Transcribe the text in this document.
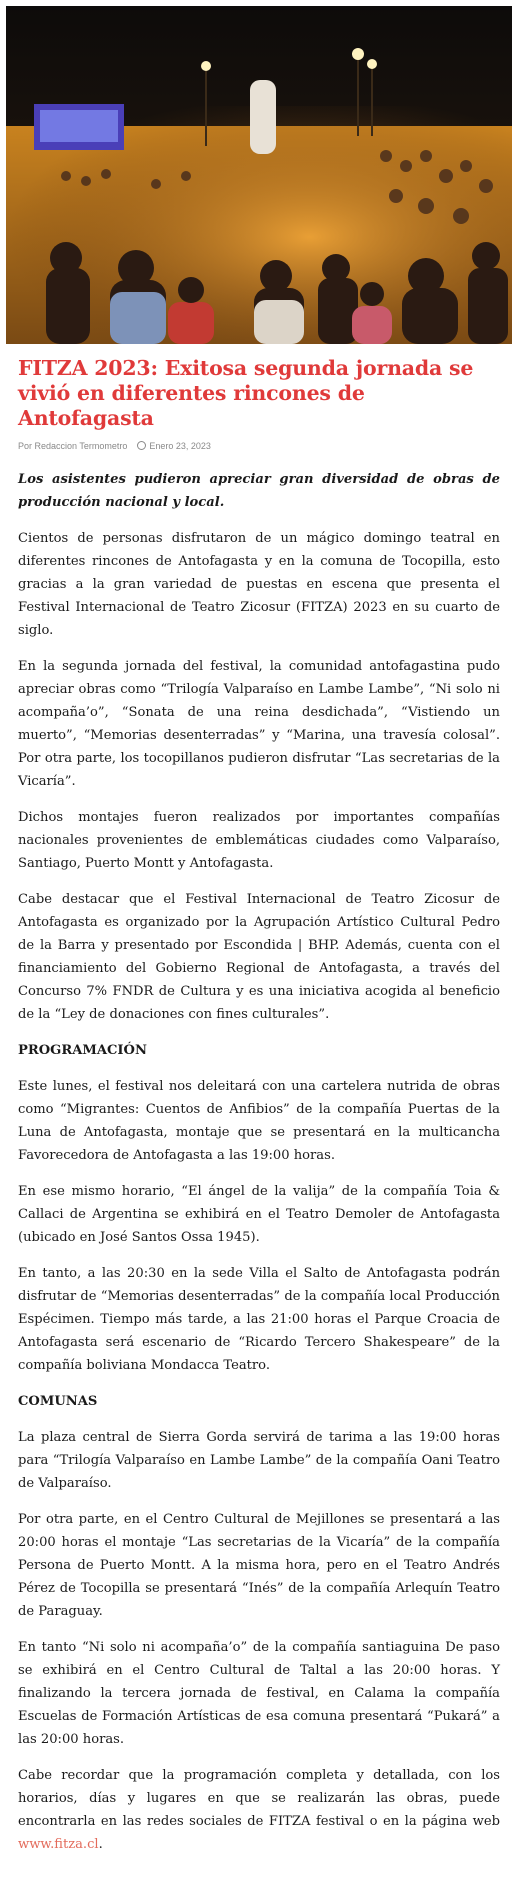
FITZA 2023: Exitosa segunda jornada se vivió en diferentes rincones de Antofagasta
Por Redaccion Termometro	Enero 23, 2023

Los asistentes pudieron apreciar gran diversidad de obras de producción nacional y local.

Cientos de personas disfrutaron de un mágico domingo teatral en diferentes rincones de Antofagasta y en la comuna de Tocopilla, esto gracias a la gran variedad de puestas en escena que presenta el Festival Internacional de Teatro Zicosur (FITZA) 2023 en su cuarto de siglo.

En la segunda jornada del festival, la comunidad antofagastina pudo apreciar obras como “Trilogía Valparaíso en Lambe Lambe”, “Ni solo ni acompaña’o”, “Sonata de una reina desdichada”, “Vistiendo un muerto”, “Memorias desenterradas” y “Marina, una travesía colosal”. Por otra parte, los tocopillanos pudieron disfrutar “Las secretarias de la Vicaría”.

Dichos montajes fueron realizados por importantes compañías nacionales provenientes de emblemáticas ciudades como Valparaíso, Santiago, Puerto Montt y Antofagasta.

Cabe destacar que el Festival Internacional de Teatro Zicosur de Antofagasta es organizado por la Agrupación Artístico Cultural Pedro de la Barra y presentado por Escondida | BHP. Además, cuenta con el financiamiento del Gobierno Regional de Antofagasta, a través del Concurso 7% FNDR de Cultura y es una iniciativa acogida al beneficio de la “Ley de donaciones con fines culturales”.

PROGRAMACIÓN

Este lunes, el festival nos deleitará con una cartelera nutrida de obras como “Migrantes: Cuentos de Anfibios” de la compañía Puertas de la Luna de Antofagasta, montaje que se presentará en la multicancha Favorecedora de Antofagasta a las 19:00 horas.

En ese mismo horario, “El ángel de la valija” de la compañía Toia & Callaci de Argentina se exhibirá en el Teatro Demoler de Antofagasta (ubicado en José Santos Ossa 1945).

En tanto, a las 20:30 en la sede Villa el Salto de Antofagasta podrán disfrutar de “Memorias desenterradas” de la compañía local Producción Espécimen. Tiempo más tarde, a las 21:00 horas el Parque Croacia de Antofagasta será escenario de “Ricardo Tercero Shakespeare” de la compañía boliviana Mondacca Teatro.

COMUNAS

La plaza central de Sierra Gorda servirá de tarima a las 19:00 horas para “Trilogía Valparaíso en Lambe Lambe” de la compañía Oani Teatro de Valparaíso.

Por otra parte, en el Centro Cultural de Mejillones se presentará a las 20:00 horas el montaje “Las secretarias de la Vicaría” de la compañía Persona de Puerto Montt. A la misma hora, pero en el Teatro Andrés Pérez de Tocopilla se presentará “Inés” de la compañía Arlequín Teatro de Paraguay.

En tanto “Ni solo ni acompaña’o” de la compañía santiaguina De paso se exhibirá en el Centro Cultural de Taltal a las 20:00 horas. Y finalizando la tercera jornada de festival, en Calama la compañía Escuelas de Formación Artísticas de esa comuna presentará “Pukará” a las 20:00 horas.

Cabe recordar que la programación completa y detallada, con los horarios, días y lugares en que se realizarán las obras, puede encontrarla en las redes sociales de FITZA festival o en la página web www.fitza.cl.
